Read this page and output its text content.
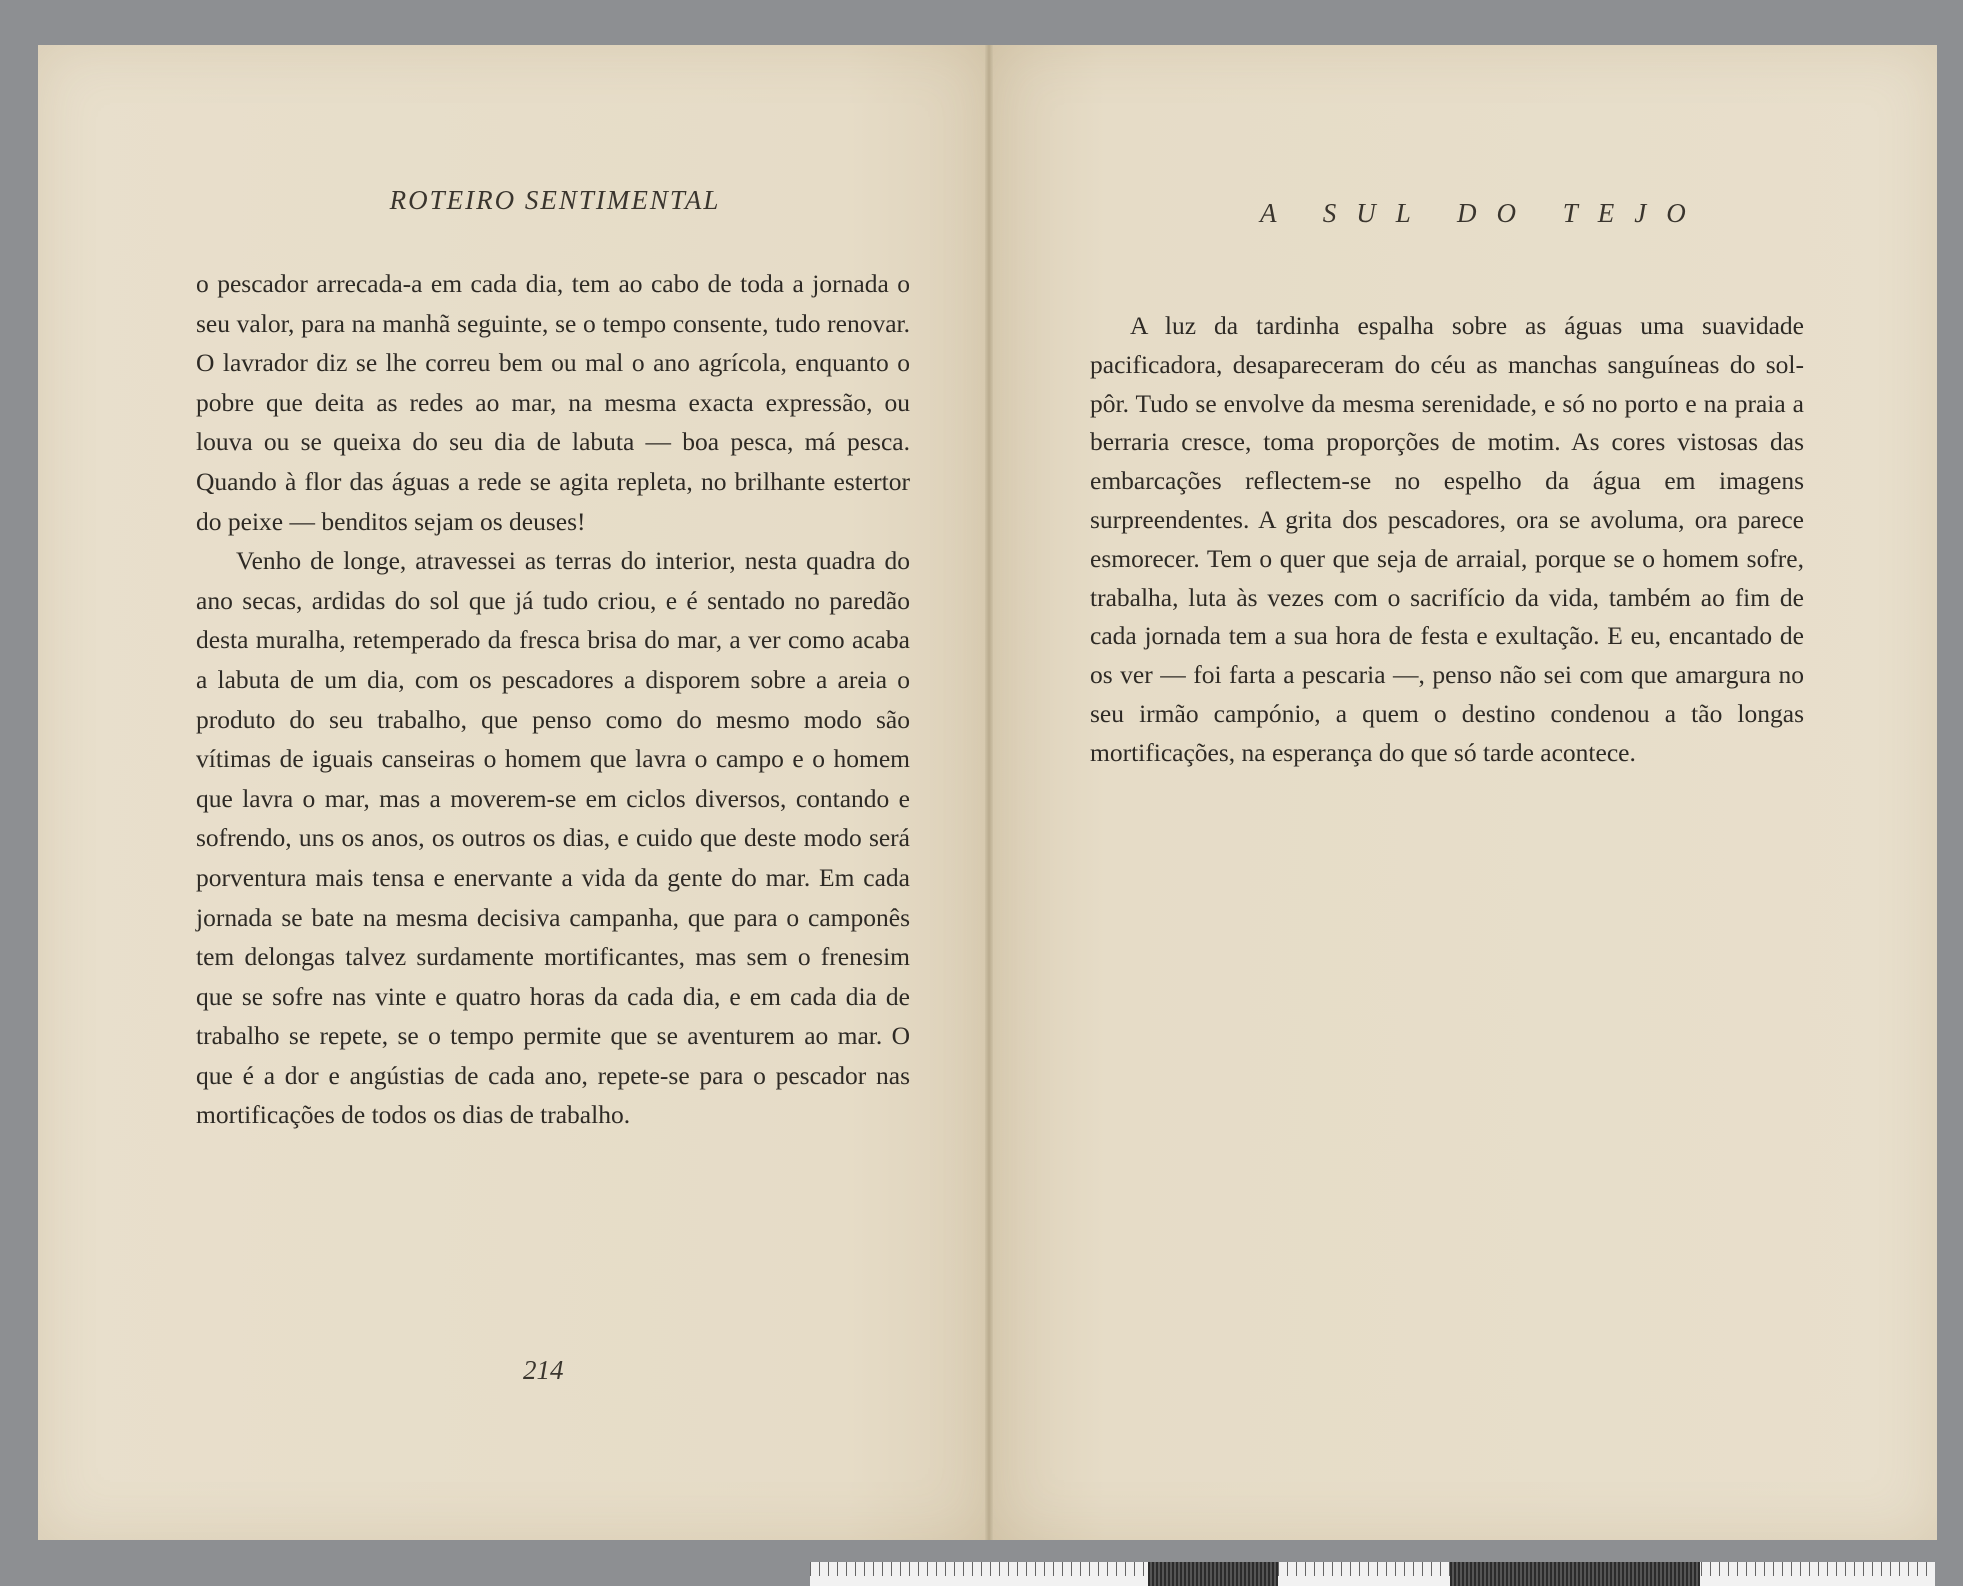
ROTEIRO SENTIMENTAL	A SUL DO TEJO

o pescador arrecada-a em cada dia, tem ao cabo de toda a jornada o seu valor, para na manhã seguinte, se o tempo consente, tudo renovar. O lavrador diz se lhe correu bem ou mal o ano agrícola, enquanto o pobre que deita as redes ao mar, na mesma exacta expressão, ou louva ou se queixa do seu dia de labuta — boa pesca, má pesca. Quando à flor das águas a rede se agita repleta, no brilhante estertor do peixe — benditos sejam os deuses!

Venho de longe, atravessei as terras do interior, nesta quadra do ano secas, ardidas do sol que já tudo criou, e é sentado no paredão desta muralha, retemperado da fresca brisa do mar, a ver como acaba a labuta de um dia, com os pescadores a disporem sobre a areia o produto do seu trabalho, que penso como do mesmo modo são vítimas de iguais canseiras o homem que lavra o campo e o homem que lavra o mar, mas a moverem-se em ciclos diversos, contando e sofrendo, uns os anos, os outros os dias, e cuido que deste modo será porventura mais tensa e enervante a vida da gente do mar. Em cada jornada se bate na mesma decisiva campanha, que para o camponês tem delongas talvez surdamente mortificantes, mas sem o frenesim que se sofre nas vinte e quatro horas da cada dia, e em cada dia de trabalho se repete, se o tempo permite que se aventurem ao mar. O que é a dor e angústias de cada ano, repete-se para o pescador nas mortificações de todos os dias de trabalho.

214

A luz da tardinha espalha sobre as águas uma suavidade pacificadora, desapareceram do céu as manchas sanguíneas do sol-pôr. Tudo se envolve da mesma serenidade, e só no porto e na praia a berraria cresce, toma proporções de motim. As cores vistosas das embarcações reflectem-se no espelho da água em imagens surpreendentes. A grita dos pescadores, ora se avoluma, ora parece esmorecer. Tem o quer que seja de arraial, porque se o homem sofre, trabalha, luta às vezes com o sacrifício da vida, também ao fim de cada jornada tem a sua hora de festa e exultação. E eu, encantado de os ver — foi farta a pescaria —, penso não sei com que amargura no seu irmão campónio, a quem o destino condenou a tão longas mortificações, na esperança do que só tarde acontece.
